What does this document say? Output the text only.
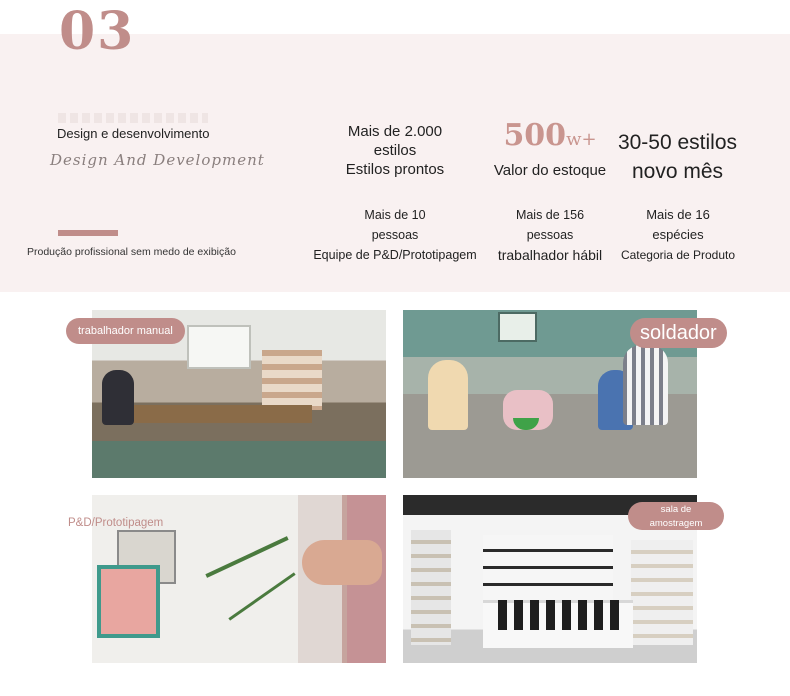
03
Design e desenvolvimento
Design And Development
Produção profissional sem medo de exibição
Mais de 2.000
estilos
Estilos prontos
500w+
Valor do estoque
30-50 estilos
novo mês
Mais de 10
pessoas
Equipe de P&D/Prototipagem
Mais de 156
pessoas
trabalhador hábil
Mais de 16
espécies
Categoria de Produto
trabalhador manual	soldador
P&D/Prototipagem
sala de
amostragem
